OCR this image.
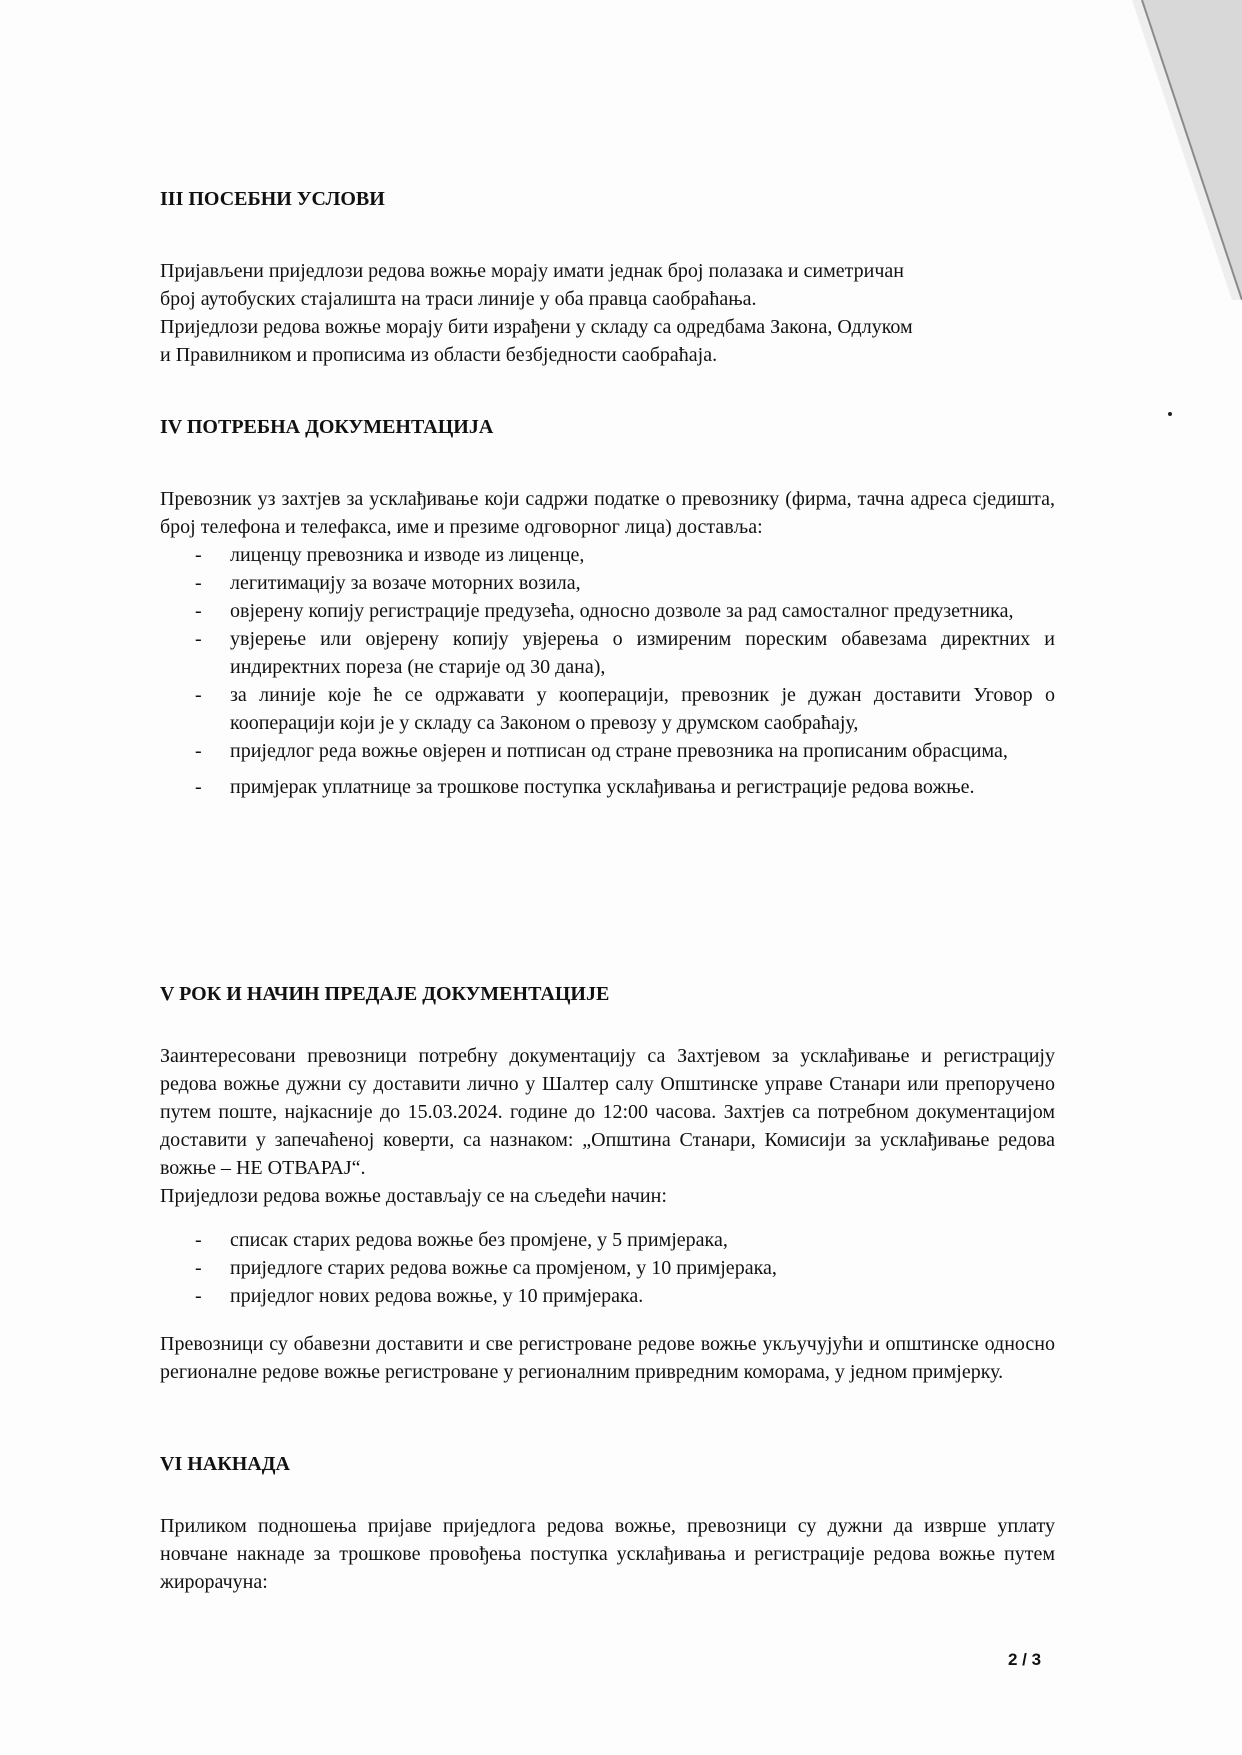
III ПОСЕБНИ УСЛОВИ
Пријављени приједлози редова вожње морају имати једнак број полазака и симетричан
број аутобуских стајалишта на траси линије у оба правца саобраћања.
Приједлози редова вожње морају бити израђени у складу са одредбама Закона, Одлуком
и Правилником и прописима из области безбједности саобраћаја.
IV ПОТРЕБНА ДОКУМЕНТАЦИЈА
Превозник уз захтјев за усклађивање који садржи податке о превознику (фирма, тачна адреса сједишта, број телефона и телефакса, име и презиме одговорног лица) доставља:
- лиценцу превозника и изводе из лиценце,
- легитимацију за возаче моторних возила,
- овјерену копију регистрације предузећа, односно дозволе за рад самосталног предузетника,
- увјерење или овјерену копију увјерења о измиреним пореским обавезама директних и индиректних пореза (не старије од 30 дана),
- за линије које ће се одржавати у кооперацији, превозник је дужан доставити Уговор о кооперацији који је у складу са Законом о превозу у друмском саобраћају,
- приједлог реда вожње овјерен и потписан од стране превозника на прописаним обрасцима,
- примјерак уплатнице за трошкове поступка усклађивања и регистрације редова вожње.
V РОК И НАЧИН ПРЕДАЈЕ ДОКУМЕНТАЦИЈЕ
Заинтересовани превозници потребну документацију са Захтјевом за усклађивање и регистрацију редова вожње дужни су доставити лично у Шалтер салу Општинске управе Станари или препоручено путем поште, најкасније до 15.03.2024. године до 12:00 часова. Захтјев са потребном документацијом доставити у запечаћеној коверти, са назнаком: „Општина Станари, Комисији за усклађивање редова вожње – НЕ ОТВАРАЈ“.
Приједлози редова вожње достављају се на сљедећи начин:
- списак старих редова вожње без промјене, у 5 примјерака,
- приједлоге старих редова вожње са промјеном, у 10 примјерака,
- приједлог нових редова вожње, у 10 примјерака.
Превозници су обавезни доставити и све регистроване редове вожње укључујући и општинске односно регионалне редове вожње регистроване у регионалним привредним коморама, у једном примјерку.
VI НАКНАДА
Приликом подношења пријаве приједлога редова вожње, превозници су дужни да изврше уплату новчане накнаде за трошкове провођења поступка усклађивања и регистрације редова вожње путем жирорачуна:
2 / 3
